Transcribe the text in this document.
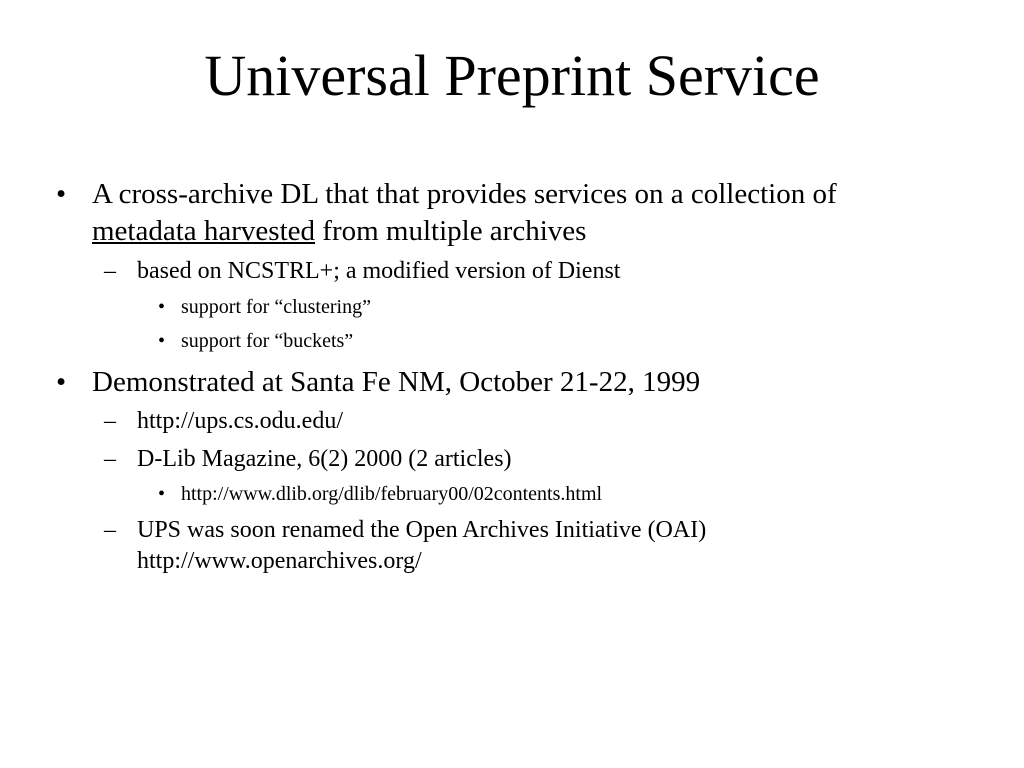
Universal Preprint Service
• A cross-archive DL that that provides services on a collection of
metadata harvested from multiple archives
– based on NCSTRL+; a modified version of Dienst
• support for “clustering”
• support for “buckets”
• Demonstrated at Santa Fe NM, October 21-22, 1999
– http://ups.cs.odu.edu/
– D-Lib Magazine, 6(2) 2000 (2 articles)
• http://www.dlib.org/dlib/february00/02contents.html
– UPS was soon renamed the Open Archives Initiative (OAI)
http://www.openarchives.org/
